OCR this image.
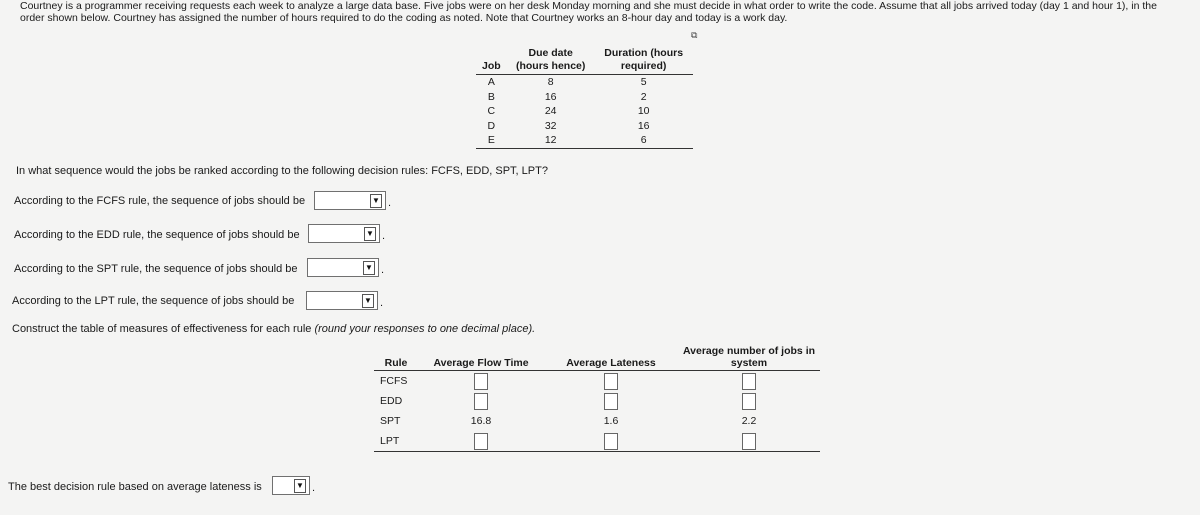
Courtney is a programmer receiving requests each week to analyze a large data base. Five jobs were on her desk Monday morning and she must decide in what order to write the code. Assume that all jobs arrived today (day 1 and hour 1), in the order shown below. Courtney has assigned the number of hours required to do the coding as noted. Note that Courtney works an 8-hour day and today is a work day.
⧉
Job	Due date (hours hence)	Duration (hours required)
A	8	5
B	16	2
C	24	10
D	32	16
E	12	6
In what sequence would the jobs be ranked according to the following decision rules: FCFS, EDD, SPT, LPT?
According to the FCFS rule, the sequence of jobs should be	▼ .
According to the EDD rule, the sequence of jobs should be	▼ .
According to the SPT rule, the sequence of jobs should be	▼ .
According to the LPT rule, the sequence of jobs should be	▼ .
Construct the table of measures of effectiveness for each rule (round your responses to one decimal place).
Rule	Average Flow Time	Average Lateness	Average number of jobs in system
FCFS			
EDD			
SPT	16.8	1.6	2.2
LPT			
The best decision rule based on average lateness is	▼ .
